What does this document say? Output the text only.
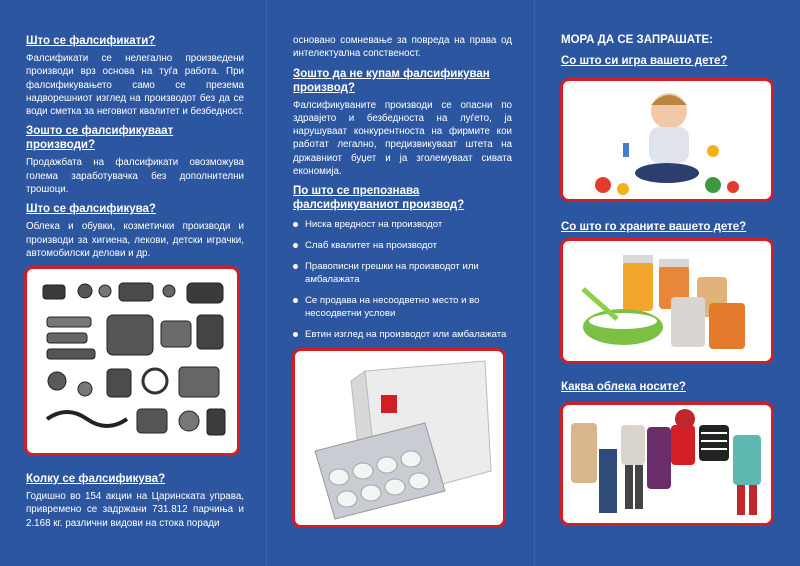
Што се фалсификати?

Фалсификати се нелегално произведени производи врз основа на туѓа работа. При фалсификувањето само се презема надворешниот изглед на производот без да се води сметка за неговиот квалитет и безбедност.

Зошто се фалсификуваат производи?

Продажбата на фалсификати овозможува голема заработувачка без дополнителни трошоци.

Што се фалсификува?

Облека и обувки, козметички производи и производи за хигиена, лекови, детски играчки, автомобилски делови и др.

Колку се фалсификува?

Годишно во 154 акции на Царинската управа, привремено се задржани 731.812 парчиња и 2.168 кг. различни видови на стока поради

основано сомневање за повреда на права од интелектуална сопственост.

Зошто да не купам фалсификуван производ?

Фалсификуваните производи се опасни по здравјето и безбедноста на луѓето, ја нарушуваат конкурентноста на фирмите кои работат легално, предизвикуваат штета на државниот буџет и ја зголемуваат сивата економија.

По што се препознава фалсификуваниот производ?
Ниска вредност на производот
Слаб квалитет на производот
Правописни грешки на производот или амбалажата
Се продава на несоодветно место и во несоодветни услови
Евтин изглед на производот или амбалажата
МОРА ДА СЕ ЗАПРАШАТЕ:
Со што си игра вашето дете?
Со што го храните вашето дете?
Каква облека носите?
